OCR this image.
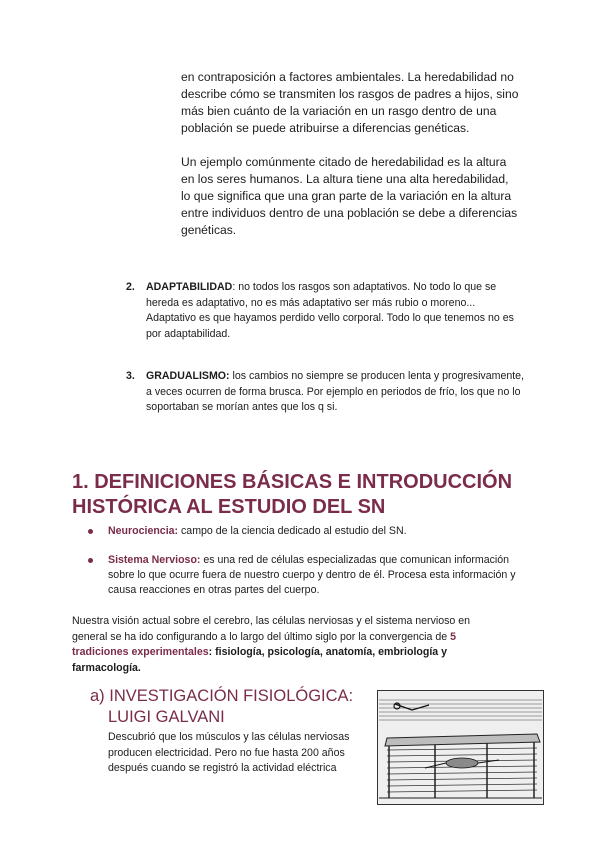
en contraposición a factores ambientales. La heredabilidad no describe cómo se transmiten los rasgos de padres a hijos, sino más bien cuánto de la variación en un rasgo dentro de una población se puede atribuirse a diferencias genéticas.

Un ejemplo comúnmente citado de heredabilidad es la altura en los seres humanos. La altura tiene una alta heredabilidad, lo que significa que una gran parte de la variación en la altura entre individuos dentro de una población se debe a diferencias genéticas.

2.	ADAPTABILIDAD: no todos los rasgos son adaptativos. No todo lo que se hereda es adaptativo, no es más adaptativo ser más rubio o moreno... Adaptativo es que hayamos perdido vello corporal. Todo lo que tenemos no es por adaptabilidad.
3.	GRADUALISMO: los cambios no siempre se producen lenta y progresivamente, a veces ocurren de forma brusca. Por ejemplo en periodos de frío, los que no lo soportaban se morían antes que los q si.
1. DEFINICIONES BÁSICAS E INTRODUCCIÓN HISTÓRICA AL ESTUDIO DEL SN
Neurociencia: campo de la ciencia dedicado al estudio del SN.
Sistema Nervioso: es una red de células especializadas que comunican información sobre lo que ocurre fuera de nuestro cuerpo y dentro de él. Procesa esta información y causa reacciones en otras partes del cuerpo.

Nuestra visión actual sobre el cerebro, las células nerviosas y el sistema nervioso en general se ha ido configurando a lo largo del último siglo por la convergencia de 5 tradiciones experimentales: fisiología, psicología, anatomía, embriología y farmacología.

a) INVESTIGACIÓN FISIOLÓGICA:
LUIGI GALVANI

Descubrió que los músculos y las células nerviosas producen electricidad. Pero no fue hasta 200 años después cuando se registró la actividad eléctrica
